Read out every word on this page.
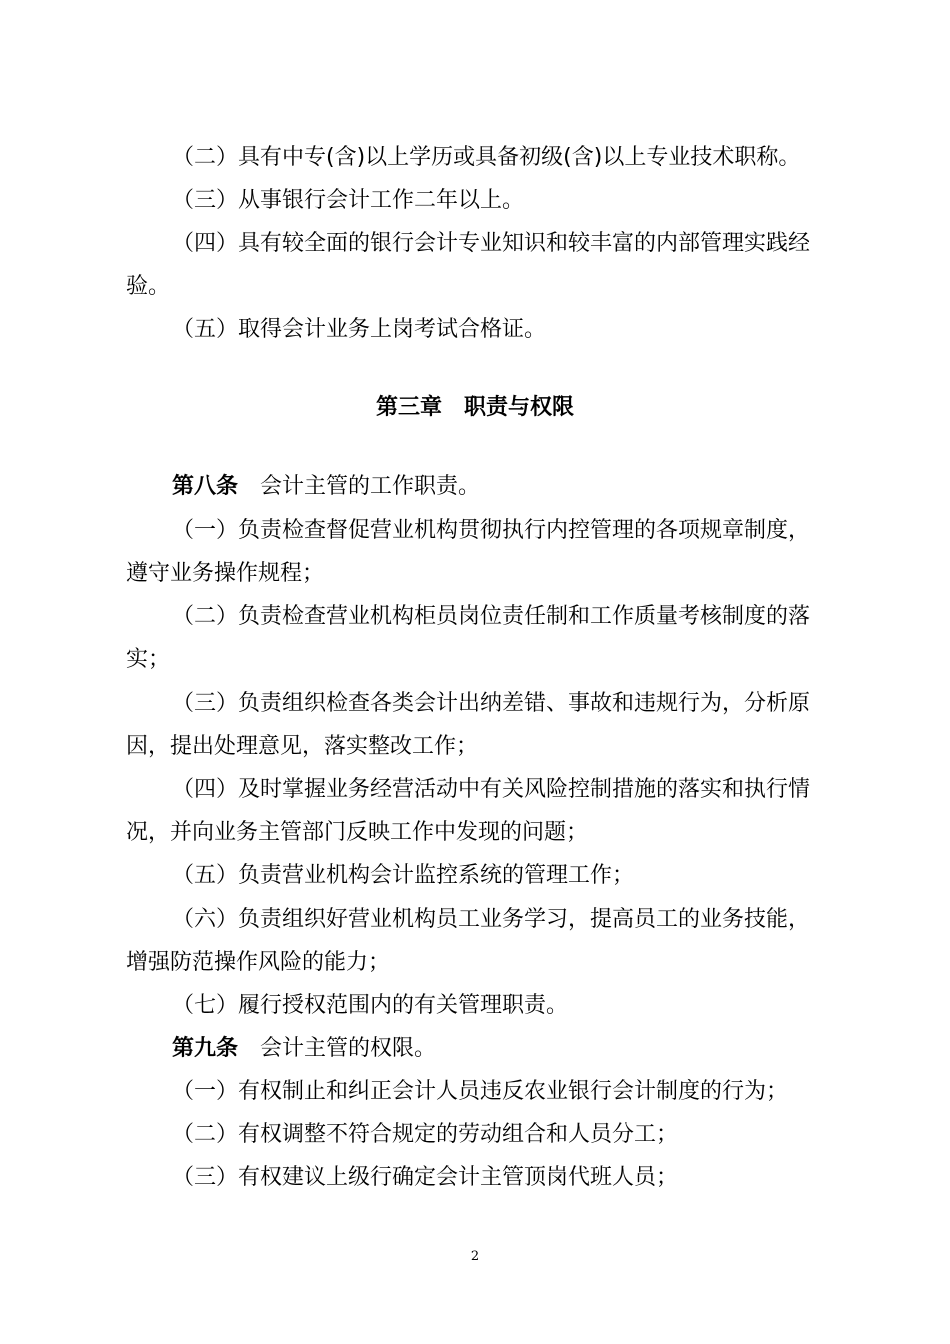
（二）具有中专(含)以上学历或具备初级(含)以上专业技术职称。
（三）从事银行会计工作二年以上。
（四）具有较全面的银行会计专业知识和较丰富的内部管理实践经
验。
（五）取得会计业务上岗考试合格证。
第三章　职责与权限
第八条 会计主管的工作职责。
（一）负责检查督促营业机构贯彻执行内控管理的各项规章制度，
遵守业务操作规程；
（二）负责检查营业机构柜员岗位责任制和工作质量考核制度的落
实；
（三）负责组织检查各类会计出纳差错、事故和违规行为，分析原
因，提出处理意见，落实整改工作；
（四）及时掌握业务经营活动中有关风险控制措施的落实和执行情
况，并向业务主管部门反映工作中发现的问题；
（五）负责营业机构会计监控系统的管理工作；
（六）负责组织好营业机构员工业务学习，提高员工的业务技能，
增强防范操作风险的能力；
（七）履行授权范围内的有关管理职责。
第九条 会计主管的权限。
（一）有权制止和纠正会计人员违反农业银行会计制度的行为；
（二）有权调整不符合规定的劳动组合和人员分工；
（三）有权建议上级行确定会计主管顶岗代班人员；
2
